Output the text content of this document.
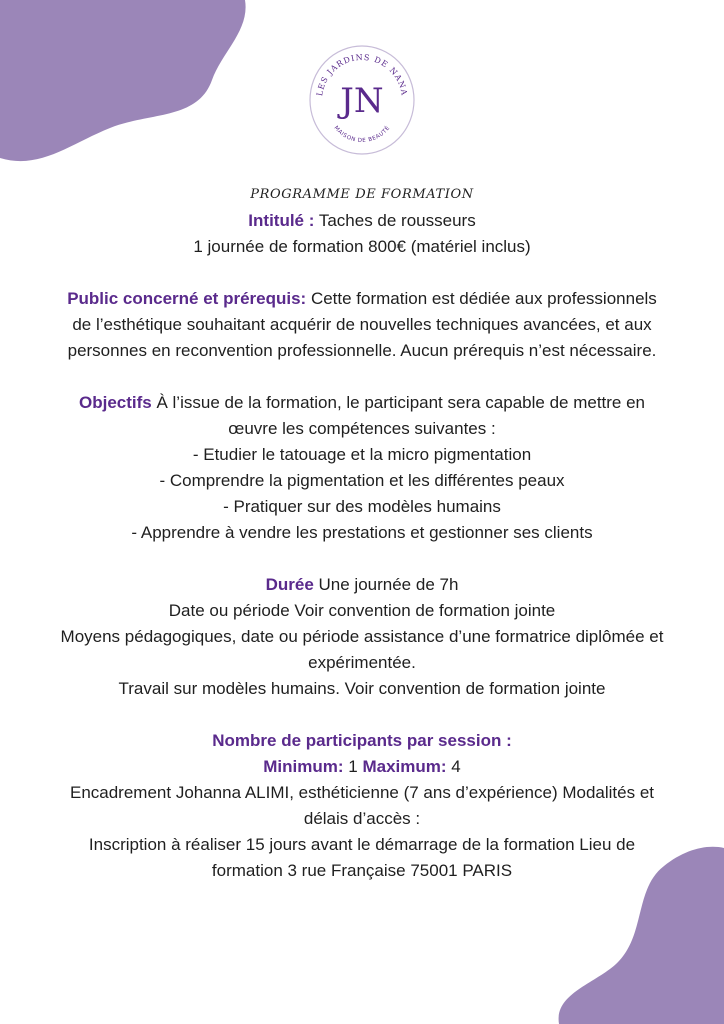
LES JARDINS DE NANA
JN
MAISON DE BEAUTÉ
PROGRAMME DE FORMATION

Intitulé : Taches de rousseurs

1 journée de formation 800€ (matériel inclus)

Public concerné et prérequis: Cette formation est dédiée aux professionnels

de l’esthétique souhaitant acquérir de nouvelles techniques avancées, et aux

personnes en reconvention professionnelle. Aucun prérequis n’est nécessaire.

Objectifs À l’issue de la formation, le participant sera capable de mettre en

œuvre les compétences suivantes :

- Etudier le tatouage et la micro pigmentation

- Comprendre la pigmentation et les différentes peaux

- Pratiquer sur des modèles humains

- Apprendre à vendre les prestations et gestionner ses clients

Durée Une journée de 7h

Date ou période Voir convention de formation jointe

Moyens pédagogiques, date ou période assistance d’une formatrice diplômée et

expérimentée.

Travail sur modèles humains. Voir convention de formation jointe

Nombre de participants par session :

Minimum: 1 Maximum: 4

Encadrement Johanna ALIMI, esthéticienne (7 ans d’expérience) Modalités et

délais d’accès :

Inscription à réaliser 15 jours avant le démarrage de la formation Lieu de

formation 3 rue Française 75001 PARIS
